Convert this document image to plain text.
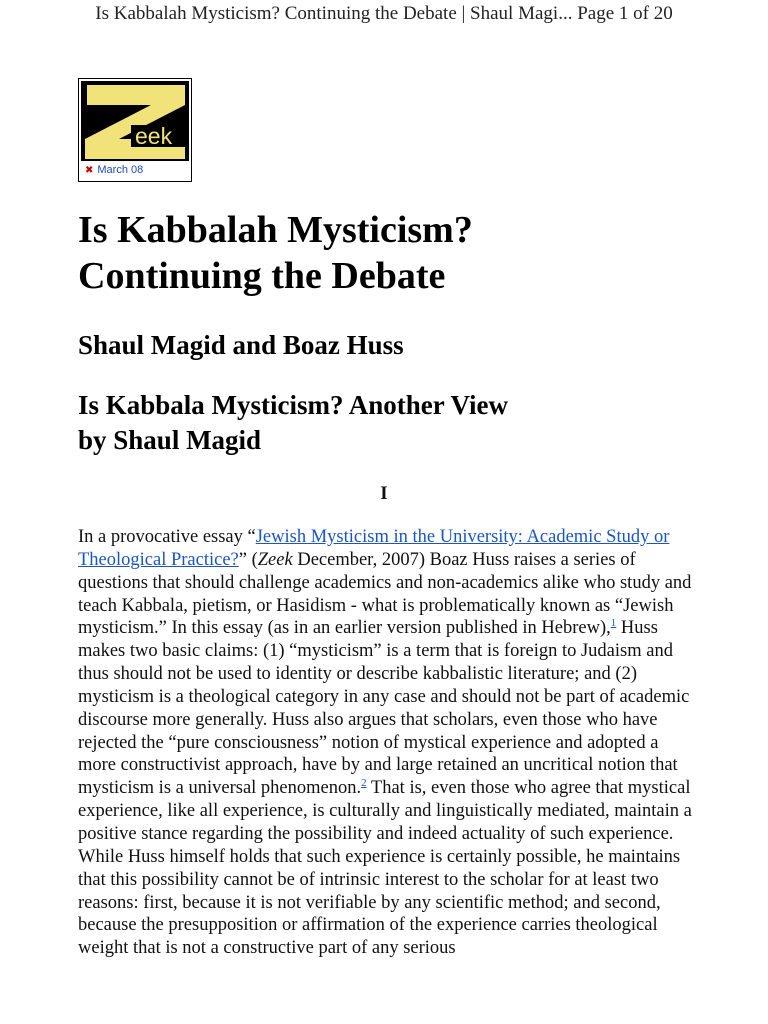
Is Kabbalah Mysticism? Continuing the Debate | Shaul Magi... Page 1 of 20
eek
✖ March 08
Is Kabbalah Mysticism?
Continuing the Debate
Shaul Magid and Boaz Huss
Is Kabbala Mysticism? Another View
by Shaul Magid
I

In a provocative essay “Jewish Mysticism in the University: Academic Study or Theological Practice?” (Zeek December, 2007) Boaz Huss raises a series of questions that should challenge academics and non-academics alike who study and teach Kabbala, pietism, or Hasidism - what is problematically known as “Jewish mysticism.” In this essay (as in an earlier version published in Hebrew),$^1$ Huss makes two basic claims: (1) “mysticism” is a term that is foreign to Judaism and thus should not be used to identity or describe kabbalistic literature; and (2) mysticism is a theological category in any case and should not be part of academic discourse more generally. Huss also argues that scholars, even those who have rejected the “pure consciousness” notion of mystical experience and adopted a more constructivist approach, have by and large retained an uncritical notion that mysticism is a universal phenomenon.$^2$ That is, even those who agree that mystical experience, like all experience, is culturally and linguistically mediated, maintain a positive stance regarding the possibility and indeed actuality of such experience. While Huss himself holds that such experience is certainly possible, he maintains that this possibility cannot be of intrinsic interest to the scholar for at least two reasons: first, because it is not verifiable by any scientific method; and second, because the presupposition or affirmation of the experience carries theological weight that is not a constructive part of any serious
